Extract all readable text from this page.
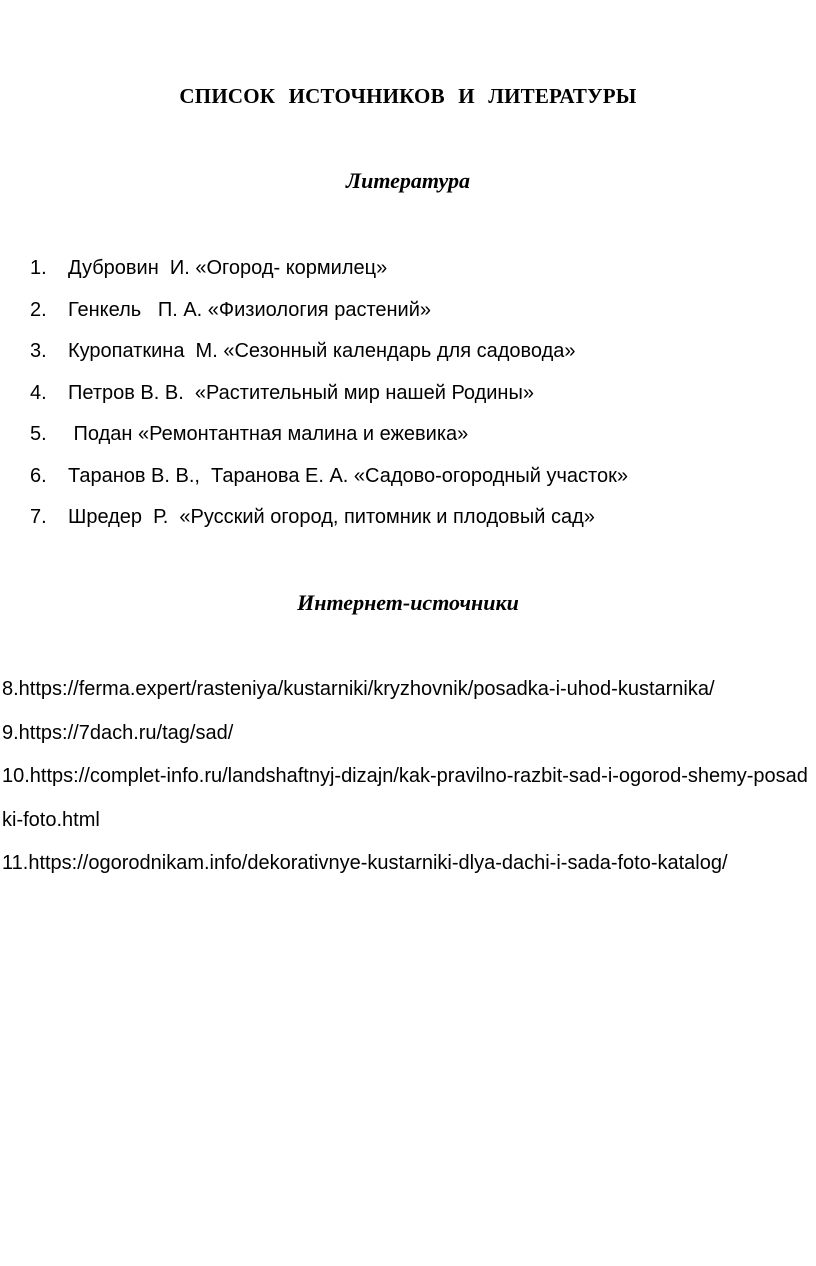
СПИСОК ИСТОЧНИКОВ И ЛИТЕРАТУРЫ
Литература
1. Дубровин  И. «Огород- кормилец»
2. Генкель   П. А. «Физиология растений»
3. Куропаткина  М. «Сезонный календарь для садовода»
4. Петров В. В.  «Растительный мир нашей Родины»
5. Подан «Ремонтантная малина и ежевика»
6. Таранов В. В.,  Таранова Е. А. «Садово-огородный участок»
7. Шредер  Р.  «Русский огород, питомник и плодовый сад»
Интернет-источники
8.https://ferma.expert/rasteniya/kustarniki/kryzhovnik/posadka-i-uhod-kustarnika/
9.https://7dach.ru/tag/sad/
10.https://complet-info.ru/landshaftnyj-dizajn/kak-pravilno-razbit-sad-i-ogorod-shemy-posadki-foto.html
11.https://ogorodnikam.info/dekorativnye-kustarniki-dlya-dachi-i-sada-foto-katalog/
